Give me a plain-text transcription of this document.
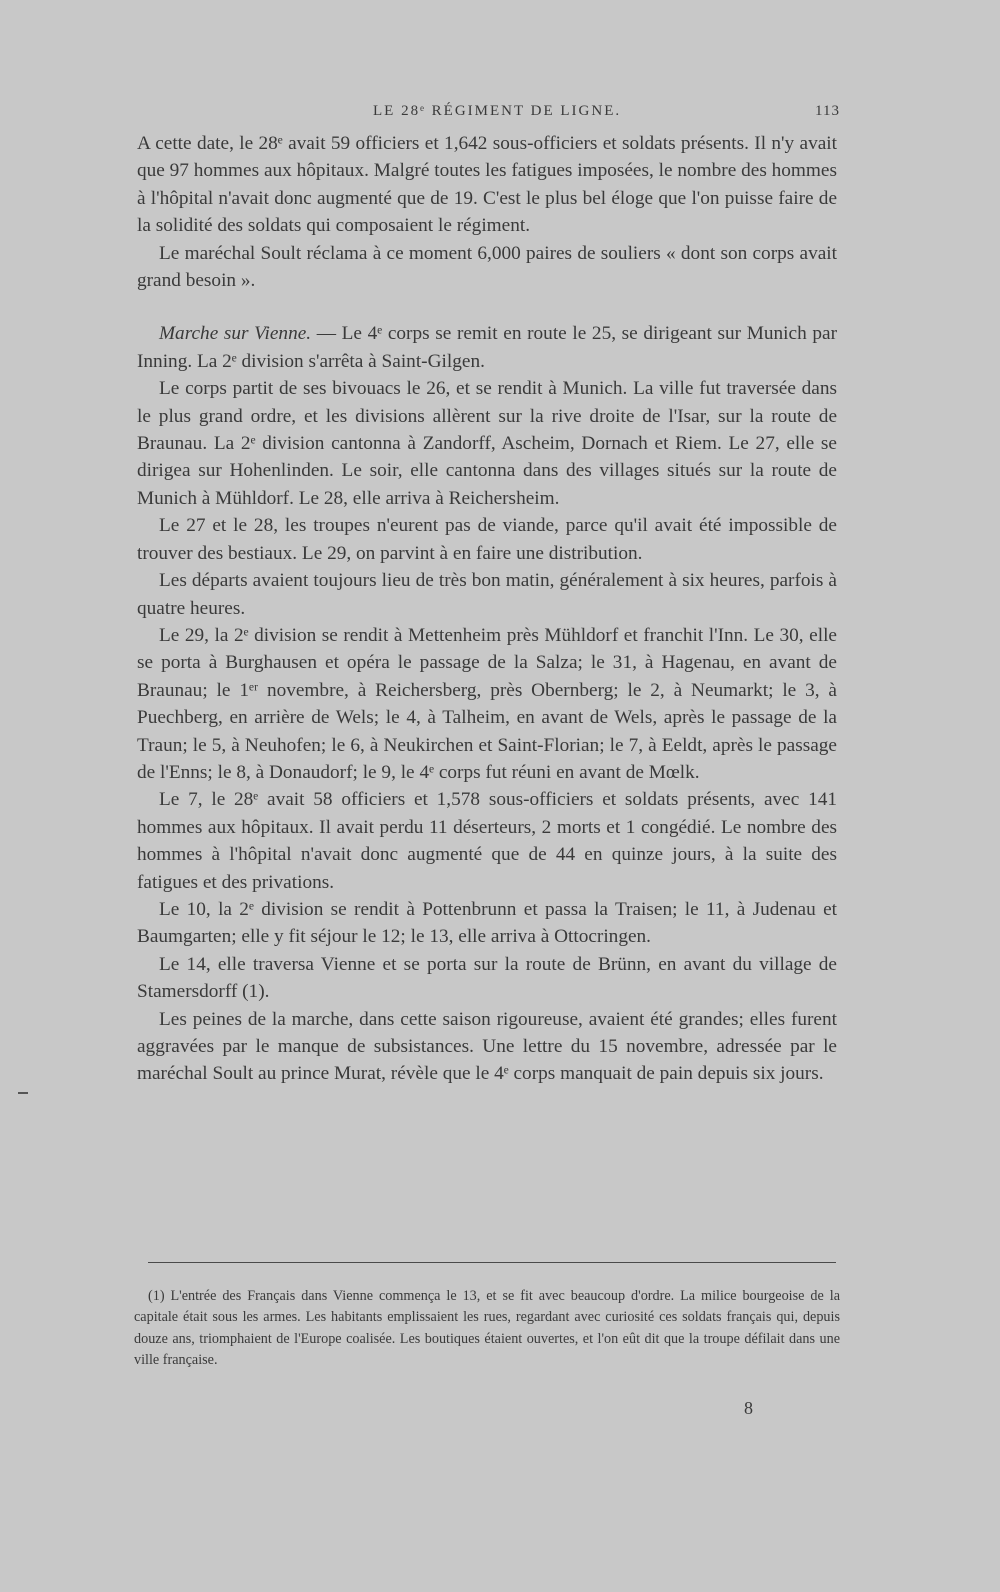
LE 28ᵉ RÉGIMENT DE LIGNE.	113

A cette date, le 28ᵉ avait 59 officiers et 1,642 sous-officiers et soldats présents. Il n'y avait que 97 hommes aux hôpitaux. Malgré toutes les fatigues imposées, le nombre des hommes à l'hôpital n'avait donc augmenté que de 19. C'est le plus bel éloge que l'on puisse faire de la solidité des soldats qui composaient le régiment.

Le maréchal Soult réclama à ce moment 6,000 paires de souliers « dont son corps avait grand besoin ».

Marche sur Vienne. — Le 4ᵉ corps se remit en route le 25, se dirigeant sur Munich par Inning. La 2ᵉ division s'arrêta à Saint-Gilgen.

Le corps partit de ses bivouacs le 26, et se rendit à Munich. La ville fut traversée dans le plus grand ordre, et les divisions allèrent sur la rive droite de l'Isar, sur la route de Braunau. La 2ᵉ division cantonna à Zandorff, Ascheim, Dornach et Riem. Le 27, elle se dirigea sur Hohenlinden. Le soir, elle cantonna dans des villages situés sur la route de Munich à Mühldorf. Le 28, elle arriva à Reichersheim.

Le 27 et le 28, les troupes n'eurent pas de viande, parce qu'il avait été impossible de trouver des bestiaux. Le 29, on parvint à en faire une distribution.

Les départs avaient toujours lieu de très bon matin, généralement à six heures, parfois à quatre heures.

Le 29, la 2ᵉ division se rendit à Mettenheim près Mühldorf et franchit l'Inn. Le 30, elle se porta à Burghausen et opéra le passage de la Salza; le 31, à Hagenau, en avant de Braunau; le 1ᵉʳ novembre, à Reichersberg, près Obernberg; le 2, à Neumarkt; le 3, à Puechberg, en arrière de Wels; le 4, à Talheim, en avant de Wels, après le passage de la Traun; le 5, à Neuhofen; le 6, à Neukirchen et Saint-Florian; le 7, à Eeldt, après le passage de l'Enns; le 8, à Donaudorf; le 9, le 4ᵉ corps fut réuni en avant de Mœlk.

Le 7, le 28ᵉ avait 58 officiers et 1,578 sous-officiers et soldats présents, avec 141 hommes aux hôpitaux. Il avait perdu 11 déserteurs, 2 morts et 1 congédié. Le nombre des hommes à l'hôpital n'avait donc augmenté que de 44 en quinze jours, à la suite des fatigues et des privations.

Le 10, la 2ᵉ division se rendit à Pottenbrunn et passa la Traisen; le 11, à Judenau et Baumgarten; elle y fit séjour le 12; le 13, elle arriva à Ottocringen.

Le 14, elle traversa Vienne et se porta sur la route de Brünn, en avant du village de Stamersdorff (1).

Les peines de la marche, dans cette saison rigoureuse, avaient été grandes; elles furent aggravées par le manque de subsistances. Une lettre du 15 novembre, adressée par le maréchal Soult au prince Murat, révèle que le 4ᵉ corps manquait de pain depuis six jours.

(1) L'entrée des Français dans Vienne commença le 13, et se fit avec beaucoup d'ordre. La milice bourgeoise de la capitale était sous les armes. Les habitants emplissaient les rues, regardant avec curiosité ces soldats français qui, depuis douze ans, triomphaient de l'Europe coalisée. Les boutiques étaient ouvertes, et l'on eût dit que la troupe défilait dans une ville française.
8
